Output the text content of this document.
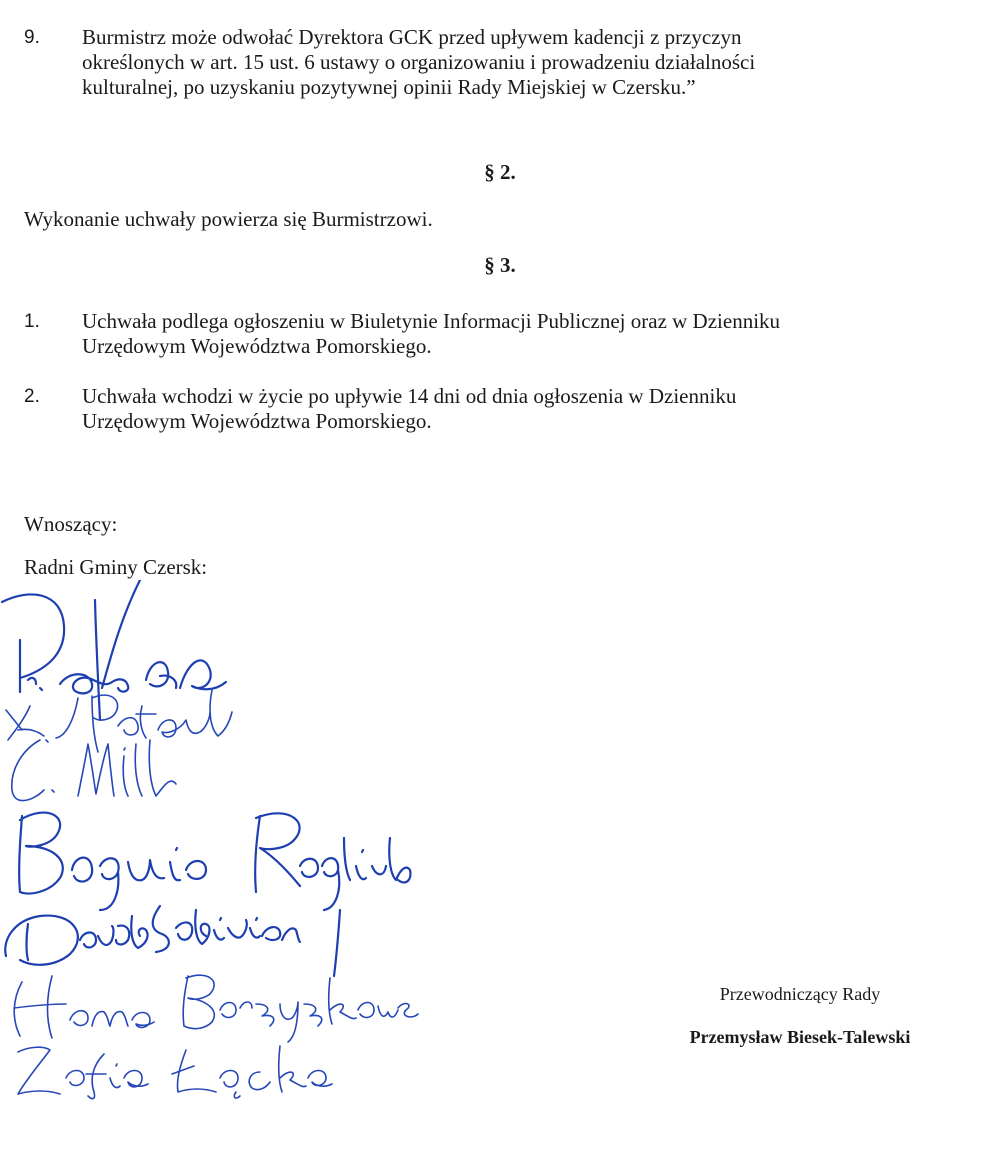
9. Burmistrz może odwołać Dyrektora GCK przed upływem kadencji z przyczyn
określonych w art. 15 ust. 6 ustawy o organizowaniu i prowadzeniu działalności
kulturalnej, po uzyskaniu pozytywnej opinii Rady Miejskiej w Czersku.”
§ 2.
Wykonanie uchwały powierza się Burmistrzowi.
§ 3.
1. Uchwała podlega ogłoszeniu w Biuletynie Informacji Publicznej oraz w Dzienniku
Urzędowym Województwa Pomorskiego.
2. Uchwała wchodzi w życie po upływie 14 dni od dnia ogłoszenia w Dzienniku
Urzędowym Województwa Pomorskiego.
Wnoszący:
Radni Gminy Czersk:
Przewodniczący Rady
Przemysław Biesek-Talewski
